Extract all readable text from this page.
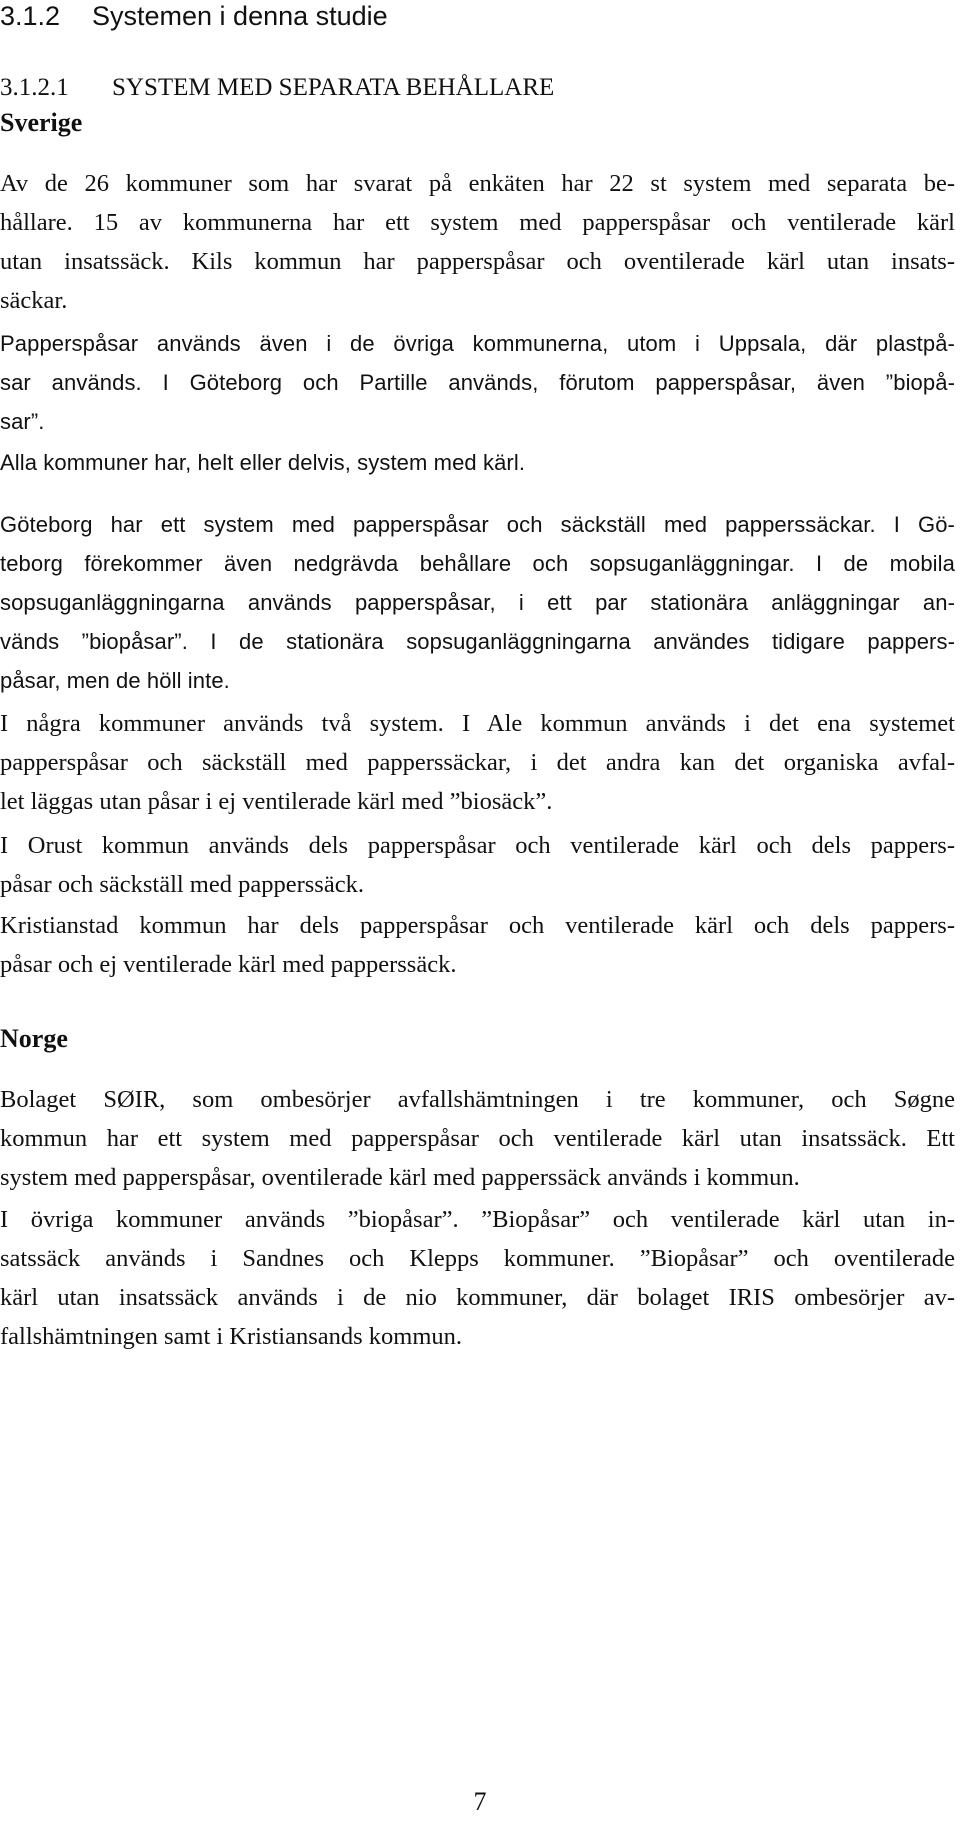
3.1.2 Systemen i denna studie
3.1.2.1 SYSTEM MED SEPARATA BEHÅLLARE
Sverige
Av de 26 kommuner som har svarat på enkäten har 22 st system med separata be-
hållare. 15 av kommunerna har ett system med papperspåsar och ventilerade kärl
utan insatssäck. Kils kommun har papperspåsar och oventilerade kärl utan insats-
säckar.
Papperspåsar används även i de övriga kommunerna, utom i Uppsala, där plastpå-
sar används. I Göteborg och Partille används, förutom papperspåsar, även ”biopå-
sar”.
Alla kommuner har, helt eller delvis, system med kärl.
Göteborg har ett system med papperspåsar och säckställ med papperssäckar. I Gö-
teborg förekommer även nedgrävda behållare och sopsuganläggningar. I de mobila
sopsuganläggningarna används papperspåsar, i ett par stationära anläggningar an-
vänds ”biopåsar”. I de stationära sopsuganläggningarna användes tidigare pappers-
påsar, men de höll inte.
I några kommuner används två system. I Ale kommun används i det ena systemet
papperspåsar och säckställ med papperssäckar, i det andra kan det organiska avfal-
let läggas utan påsar i ej ventilerade kärl med ”biosäck”.
I Orust kommun används dels papperspåsar och ventilerade kärl och dels pappers-
påsar och säckställ med papperssäck.
Kristianstad kommun har dels papperspåsar och ventilerade kärl och dels pappers-
påsar och ej ventilerade kärl med papperssäck.
Norge
Bolaget SØIR, som ombesörjer avfallshämtningen i tre kommuner, och Søgne
kommun har ett system med papperspåsar och ventilerade kärl utan insatssäck. Ett
system med papperspåsar, oventilerade kärl med papperssäck används i kommun.
I övriga kommuner används ”biopåsar”. ”Biopåsar” och ventilerade kärl utan in-
satssäck används i Sandnes och Klepps kommuner. ”Biopåsar” och oventilerade
kärl utan insatssäck används i de nio kommuner, där bolaget IRIS ombesörjer av-
fallshämtningen samt i Kristiansands kommun.
7
